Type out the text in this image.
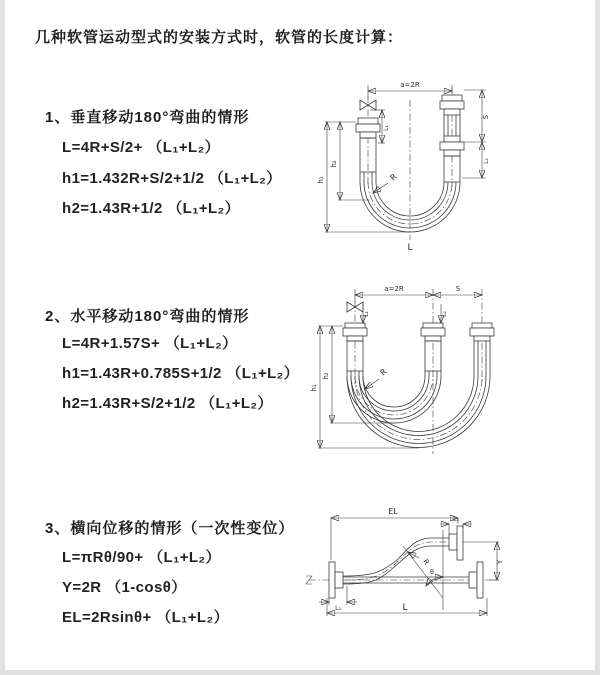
几种软管运动型式的安装方式时，软管的长度计算：
1、垂直移动180°弯曲的情形
L=4R+S/2+ （L₁+L₂）
h1=1.432R+S/2+1/2 （L₁+L₂）
h2=1.43R+1/2 （L₁+L₂）
a=2R
h₁
h₂
L₁
S
L₂
R
L
2、水平移动180°弯曲的情形
L=4R+1.57S+ （L₁+L₂）
h1=1.43R+0.785S+1/2 （L₁+L₂）
h2=1.43R+S/2+1/2 （L₁+L₂）
a=2R	S
h₁
h₂
L₁	L₂
R
3、横向位移的情形（一次性变位）
L=πRθ/90+ （L₁+L₂）
Y=2R （1-cosθ）
EL=2Rsinθ+ （L₁+L₂）
EL
L₁
Y
R
θ
L₂	L
